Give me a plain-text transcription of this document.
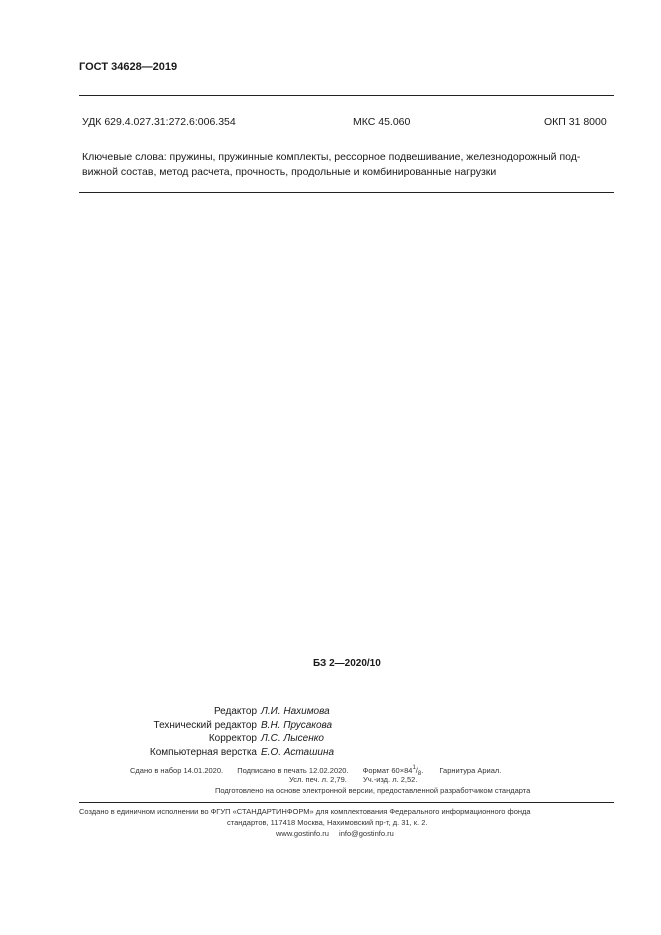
ГОСТ 34628—2019
УДК 629.4.027.31:272.6:006.354	МКС 45.060	ОКП 31 8000
Ключевые слова: пружины, пружинные комплекты, рессорное подвешивание, железнодорожный под-
вижной состав, метод расчета, прочность, продольные и комбинированные нагрузки
БЗ 2—2020/10
Редактор Л.И. Нахимова
Технический редактор В.Н. Прусакова
Корректор Л.С. Лысенко
Компьютерная верстка Е.О. Асташина
Сдано в набор 14.01.2020. Подписано в печать 12.02.2020. Формат $60\times 84^1/_8$. Гарнитура Ариал.
Усл. печ. л. 2,79. Уч.-изд. л. 2,52.
Подготовлено на основе электронной версии, предоставленной разработчиком стандарта
Создано в единичном исполнении во ФГУП «СТАНДАРТИНФОРМ» для комплектования Федерального информационного фонда
стандартов, 117418 Москва, Нахимовский пр-т, д. 31, к. 2.
www.gostinfo.ru info@gostinfo.ru
